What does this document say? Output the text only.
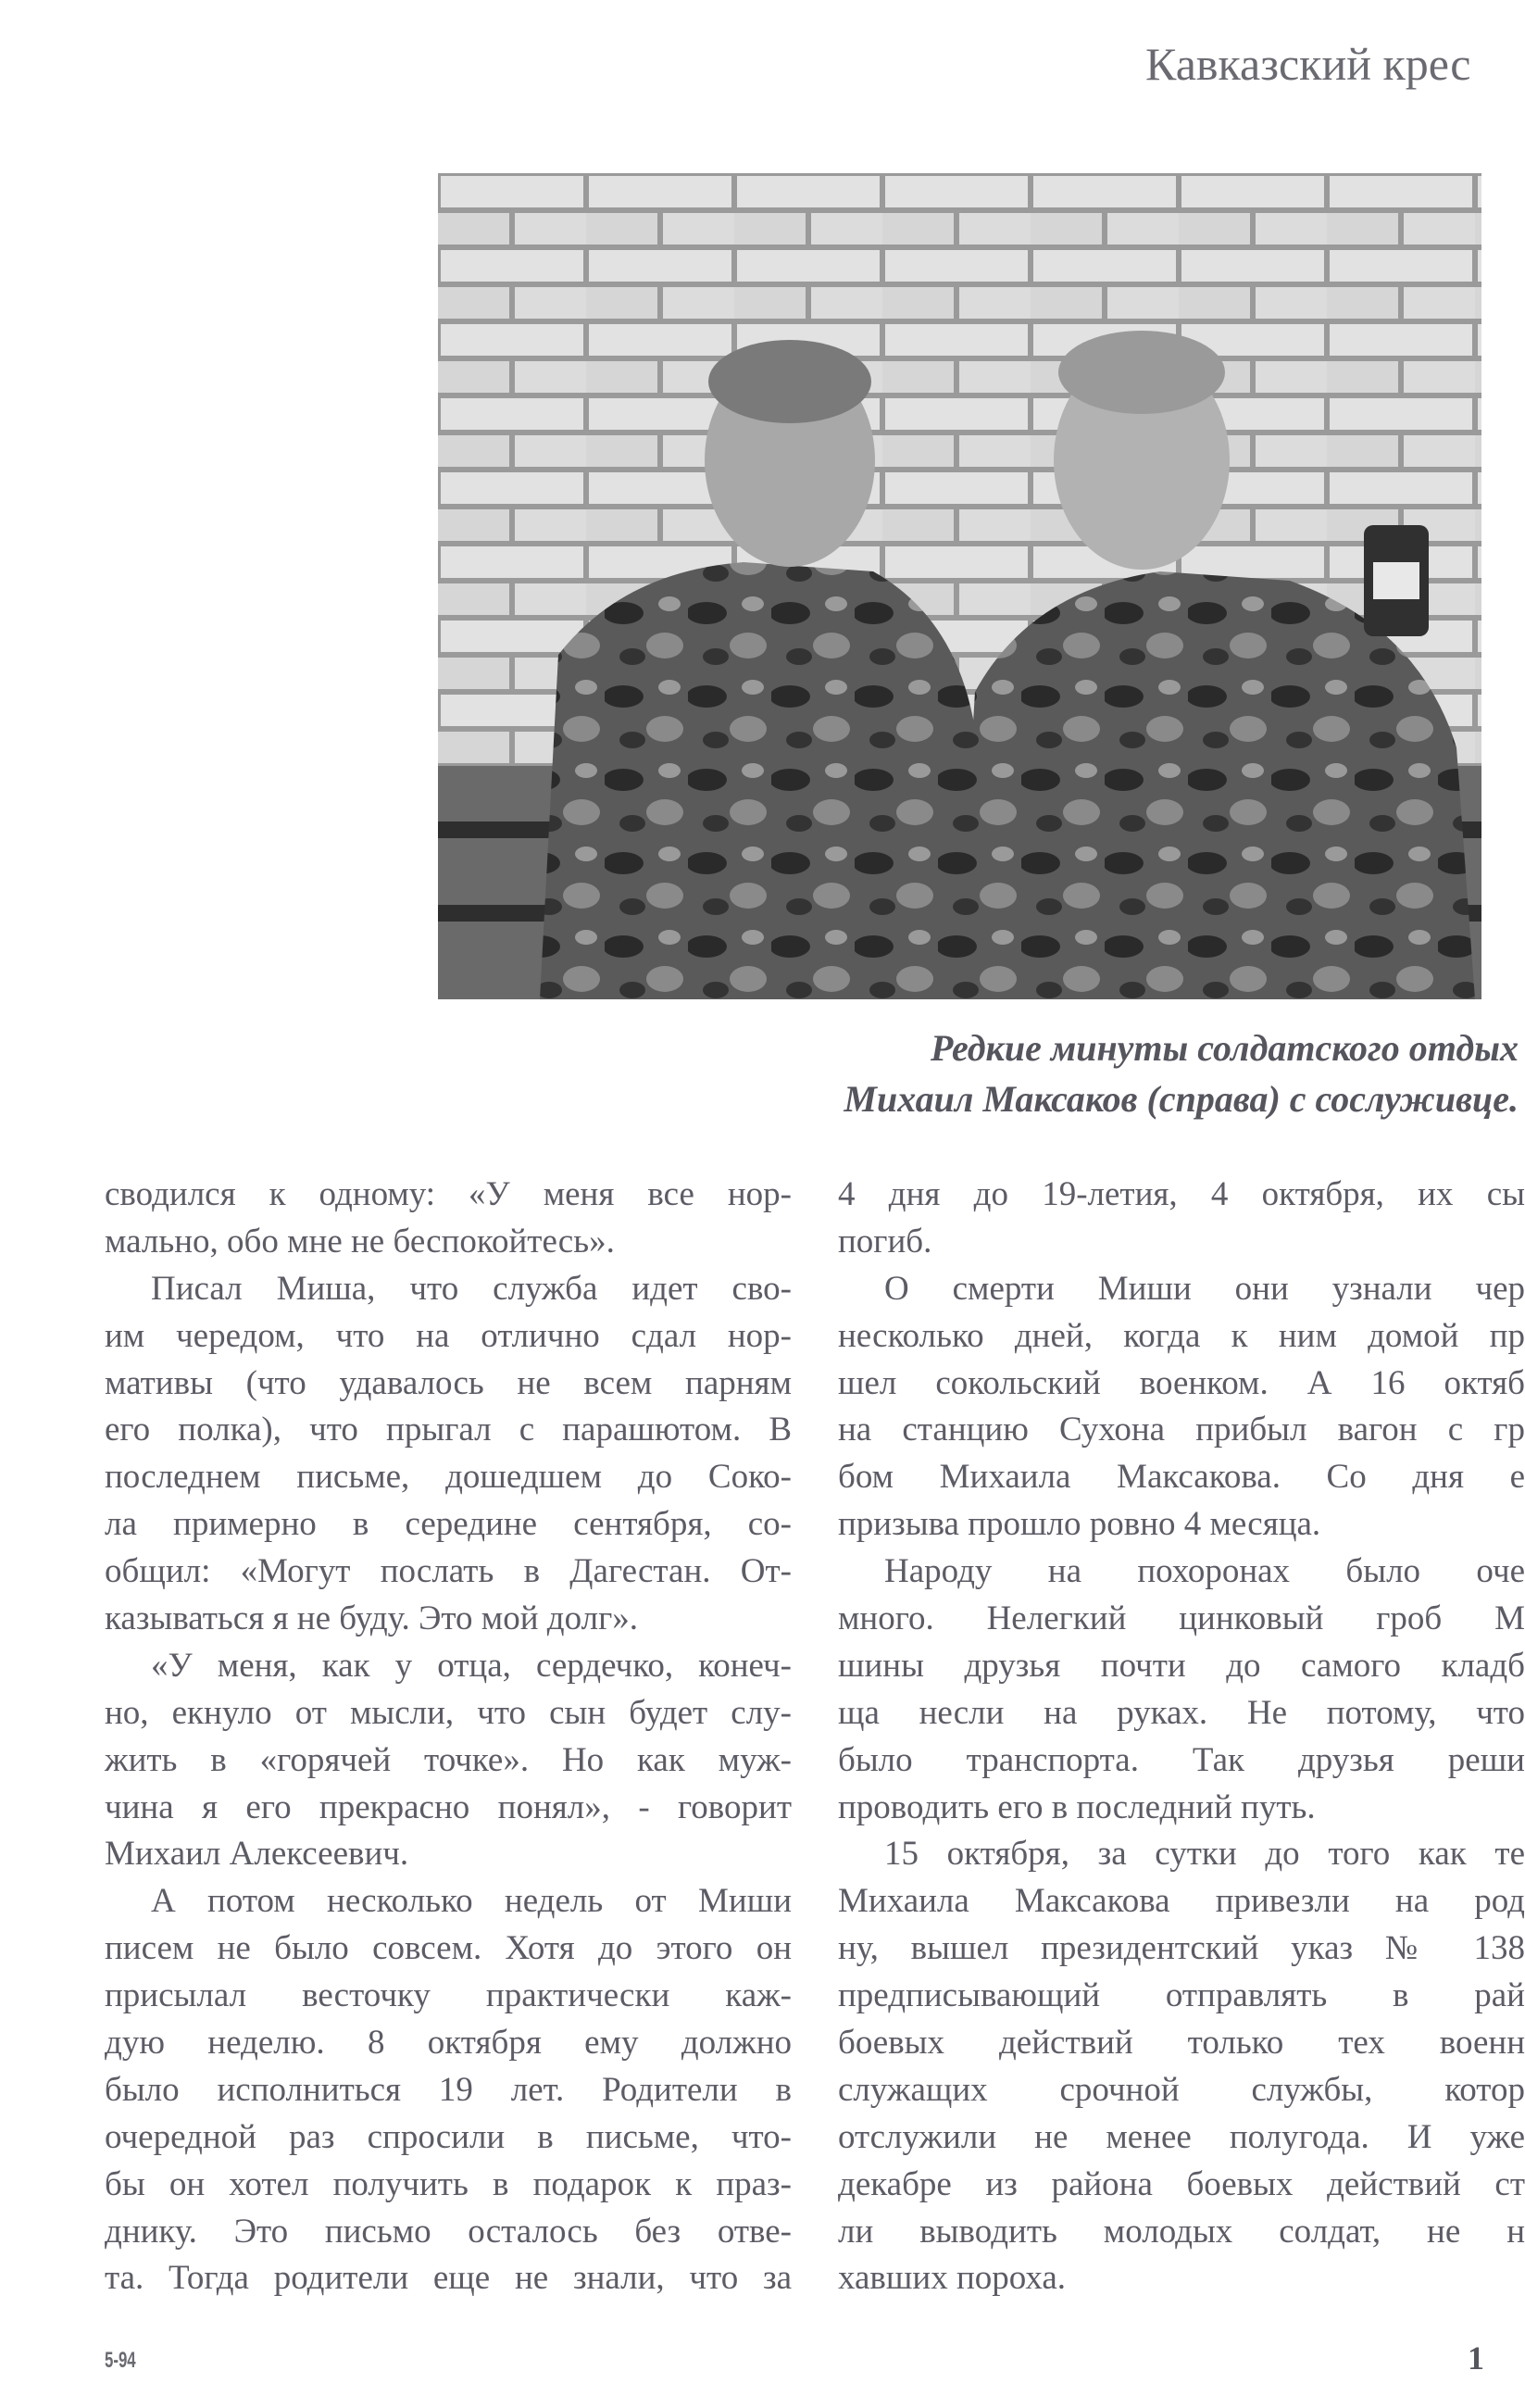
Кавказский крес
Редкие минуты солдатского отдых
Михаил Максаков (справа) с сослуживце.
сводился к одному: «У меня все нор-
мально, обо мне не беспокойтесь».
Писал Миша, что служба идет сво-
им чередом, что на отлично сдал нор-
мативы (что удавалось не всем парням
его полка), что прыгал с парашютом. В
последнем письме, дошедшем до Соко-
ла примерно в середине сентября, со-
общил: «Могут послать в Дагестан. От-
казываться я не буду. Это мой долг».
«У меня, как у отца, сердечко, конеч-
но, екнуло от мысли, что сын будет слу-
жить в «горячей точке». Но как муж-
чина я его прекрасно понял», - говорит
Михаил Алексеевич.
А потом несколько недель от Миши
писем не было совсем. Хотя до этого он
присылал весточку практически каж-
дую неделю. 8 октября ему должно
было исполниться 19 лет. Родители в
очередной раз спросили в письме, что-
бы он хотел получить в подарок к праз-
днику. Это письмо осталось без отве-
та. Тогда родители еще не знали, что за
4 дня до 19-летия, 4 октября, их сы
погиб.
О смерти Миши они узнали чер
несколько дней, когда к ним домой пр
шел сокольский военком. А 16 октяб
на станцию Сухона прибыл вагон с гр
бом Михаила Максакова. Со дня е
призыва прошло ровно 4 месяца.
Народу на похоронах было оче
много. Нелегкий цинковый гроб М
шины друзья почти до самого кладб
ща несли на руках. Не потому, что
было транспорта. Так друзья реши
проводить его в последний путь.
15 октября, за сутки до того как те
Михаила Максакова привезли на род
ну, вышел президентский указ № 138
предписывающий отправлять в рай
боевых действий только тех военн
служащих срочной службы, котор
отслужили не менее полугода. И уже
декабре из района боевых действий ст
ли выводить молодых солдат, не н
хавших пороха.
5-94	1
